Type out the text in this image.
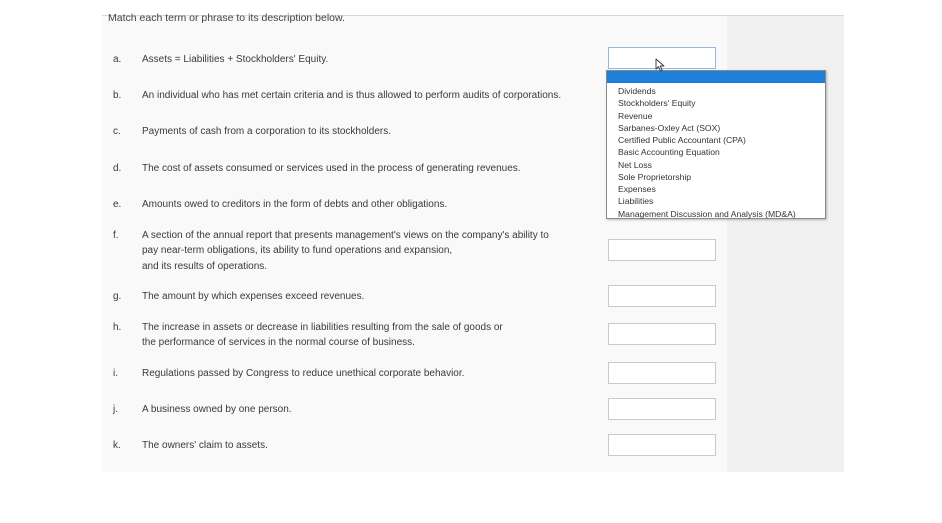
Match each term or phrase to its description below.
a.	Assets = Liabilities + Stockholders' Equity.
b.	An individual who has met certain criteria and is thus allowed to perform audits of corporations.
c.	Payments of cash from a corporation to its stockholders.
d.	The cost of assets consumed or services used in the process of generating revenues.
e.	Amounts owed to creditors in the form of debts and other obligations.
f.	A section of the annual report that presents management's views on the company's ability to
pay near-term obligations, its ability to fund operations and expansion,
and its results of operations.
g.	The amount by which expenses exceed revenues.
h.	The increase in assets or decrease in liabilities resulting from the sale of goods or
the performance of services in the normal course of business.
i.	Regulations passed by Congress to reduce unethical corporate behavior.
j.	A business owned by one person.
k.	The owners' claim to assets.
Dividends
Stockholders' Equity
Revenue
Sarbanes-Oxley Act (SOX)
Certified Public Accountant (CPA)
Basic Accounting Equation
Net Loss
Sole Proprietorship
Expenses
Liabilities
Management Discussion and Analysis (MD&A)
